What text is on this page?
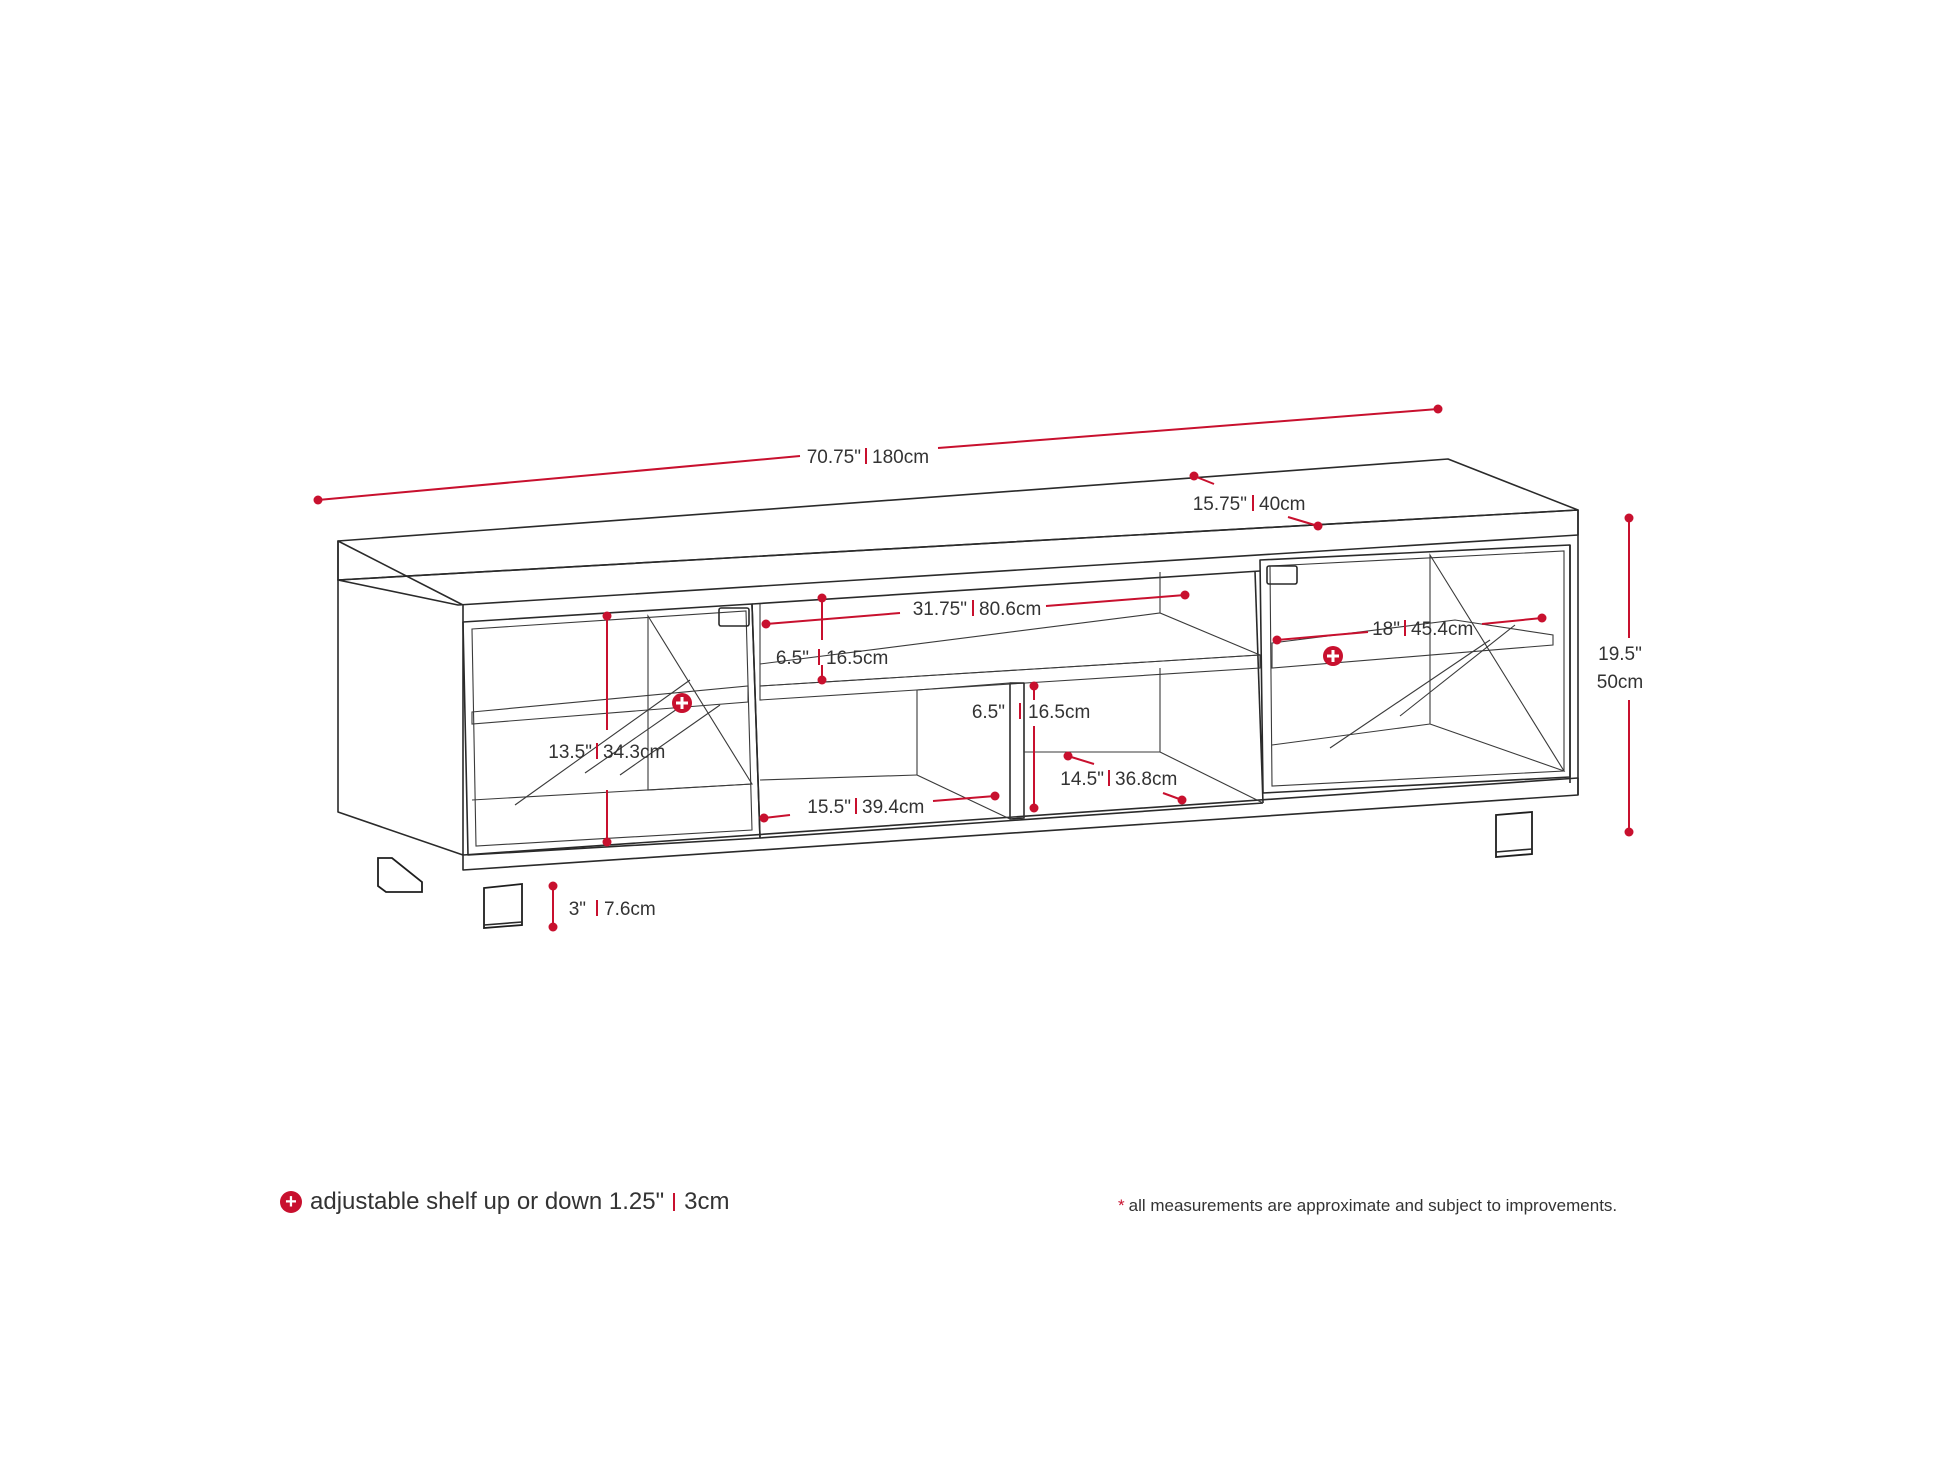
70.75" 180cm
15.75" 40cm
19.5"
50cm
31.75" 80.6cm
6.5" 16.5cm
18" 45.4cm
13.5" 34.3cm
6.5" 16.5cm
15.5" 39.4cm
14.5" 36.8cm
3" 7.6cm
+ adjustable shelf up or down 1.25" 3cm	* all measurements are approximate and subject to improvements.
